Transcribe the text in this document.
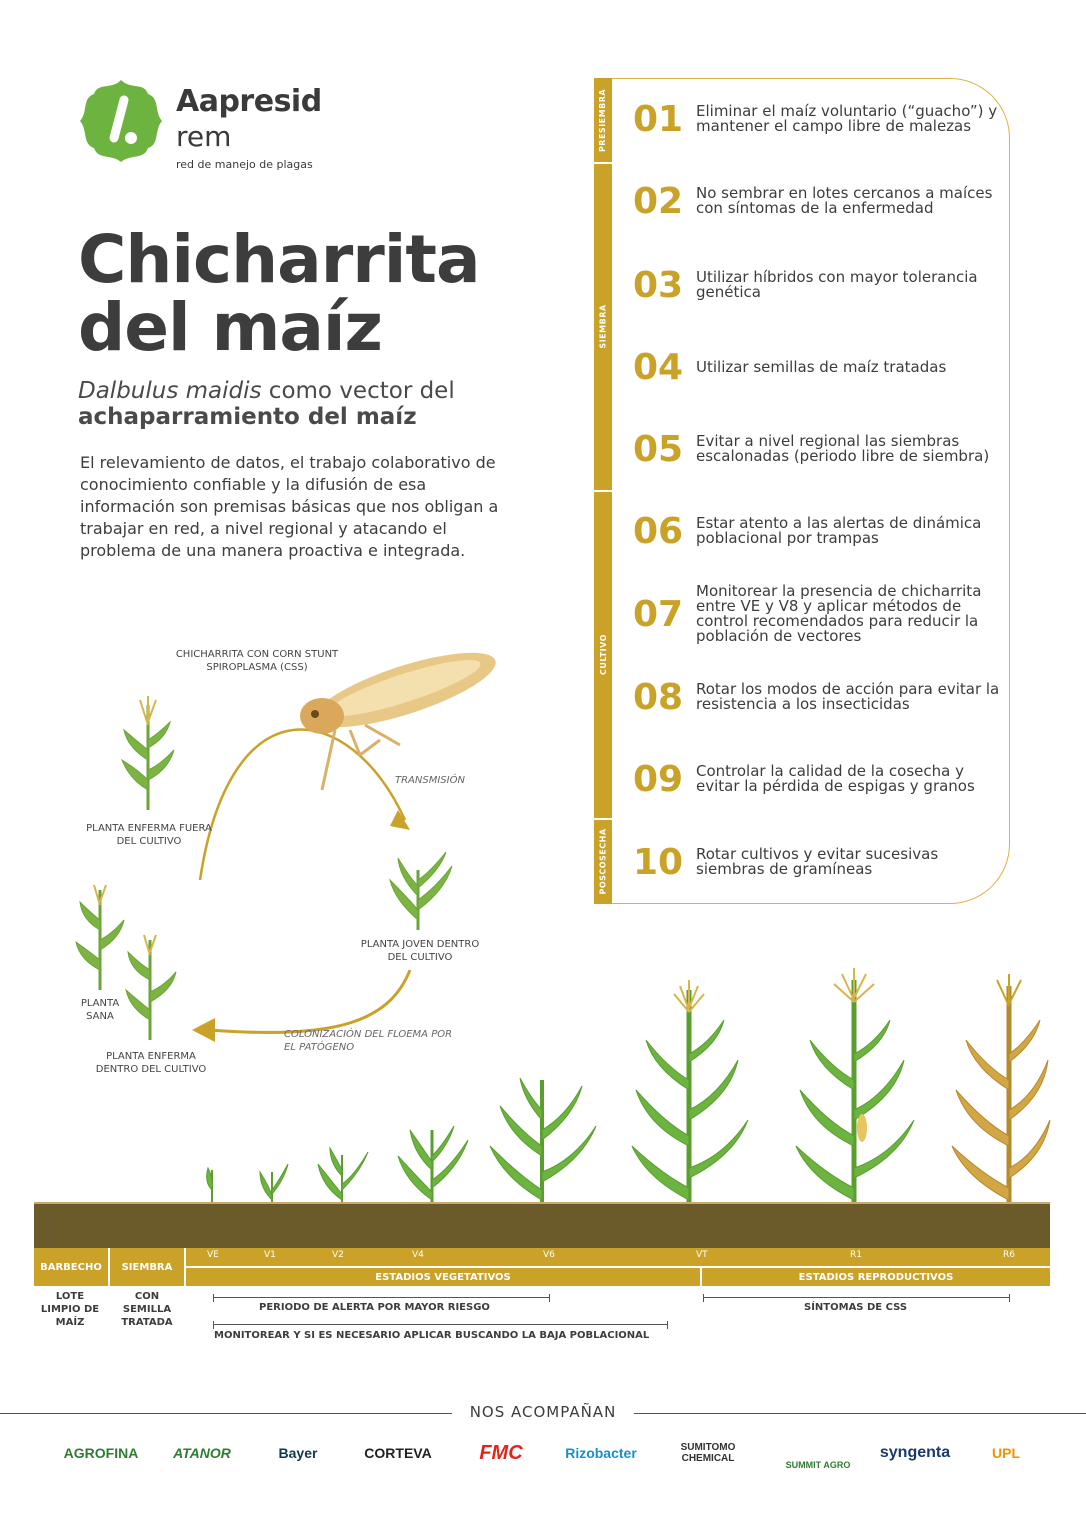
Aapresid
rem
red de manejo de plagas
Chicharrita
del maíz
Dalbulus maidis como vector del
achaparramiento del maíz

El relevamiento de datos, el trabajo colaborativo de conocimiento confiable y la difusión de esa información son premisas básicas que nos obligan a trabajar en red, a nivel regional y atacando el problema de una manera proactiva e integrada.

CHICHARRITA CON CORN STUNT SPIROPLASMA (CSS)
TRANSMISIÓN
PLANTA ENFERMA FUERA DEL CULTIVO
PLANTA JOVEN DENTRO DEL CULTIVO
PLANTA SANA
COLONIZACIÓN DEL FLOEMA POR EL PATÓGENO
PLANTA ENFERMA DENTRO DEL CULTIVO
PRESIEMBRA
SIEMBRA
CULTIVO
POSCOSECHA
01 Eliminar el maíz voluntario (“guacho”) y mantener el campo libre de malezas
02 No sembrar en lotes cercanos a maíces con síntomas de la enfermedad
03 Utilizar híbridos con mayor tolerancia genética
04 Utilizar semillas de maíz tratadas
05 Evitar a nivel regional las siembras escalonadas (periodo libre de siembra)
06 Estar atento a las alertas de dinámica poblacional por trampas
07
Monitorear la presencia de chicharrita entre VE y V8 y aplicar métodos de control recomendados para reducir la población de vectores
08 Rotar los modos de acción para evitar la resistencia a los insecticidas
09 Controlar la calidad de la cosecha y evitar la pérdida de espigas y granos
10 Rotar cultivos y evitar sucesivas siembras de gramíneas
BARBECHO	SIEMBRA
ESTADIOS VEGETATIVOS	ESTADIOS REPRODUCTIVOS
VE	V1	V2	V4	V6	VT	R1	R6
LOTE LIMPIO DE MAÍZ
CON SEMILLA TRATADA
PERIODO DE ALERTA POR MAYOR RIESGO	SÍNTOMAS DE CSS
MONITOREAR Y SI ES NECESARIO APLICAR BUSCANDO LA BAJA POBLACIONAL
NOS ACOMPAÑAN
AGROFINA	ATANOR	Bayer	CORTEVA	FMC	Rizobacter	SUMITOMO CHEMICAL
SUMMIT AGRO
syngenta	UPL
